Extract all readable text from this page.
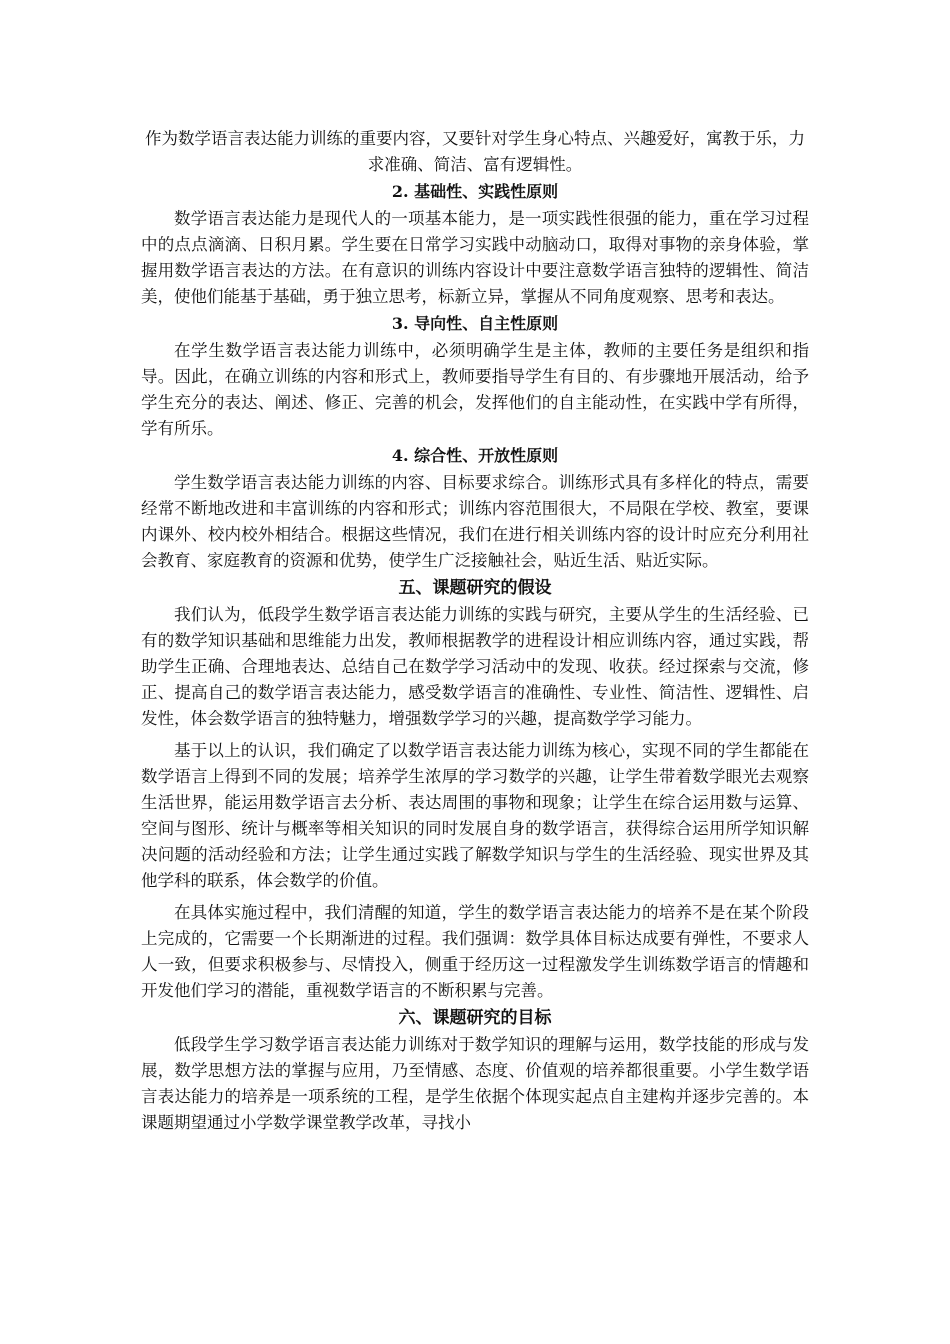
作为数学语言表达能力训练的重要内容，又要针对学生身心特点、兴趣爱好，寓教于乐，力求准确、简洁、富有逻辑性。

2. 基础性、实践性原则

数学语言表达能力是现代人的一项基本能力，是一项实践性很强的能力，重在学习过程中的点点滴滴、日积月累。学生要在日常学习实践中动脑动口，取得对事物的亲身体验，掌握用数学语言表达的方法。在有意识的训练内容设计中要注意数学语言独特的逻辑性、简洁美，使他们能基于基础，勇于独立思考，标新立异，掌握从不同角度观察、思考和表达。

3. 导向性、自主性原则

在学生数学语言表达能力训练中，必须明确学生是主体，教师的主要任务是组织和指导。因此，在确立训练的内容和形式上，教师要指导学生有目的、有步骤地开展活动，给予学生充分的表达、阐述、修正、完善的机会，发挥他们的自主能动性，在实践中学有所得，学有所乐。

4. 综合性、开放性原则

学生数学语言表达能力训练的内容、目标要求综合。训练形式具有多样化的特点，需要经常不断地改进和丰富训练的内容和形式；训练内容范围很大，不局限在学校、教室，要课内课外、校内校外相结合。根据这些情况，我们在进行相关训练内容的设计时应充分利用社会教育、家庭教育的资源和优势，使学生广泛接触社会，贴近生活、贴近实际。

五、课题研究的假设

我们认为，低段学生数学语言表达能力训练的实践与研究，主要从学生的生活经验、已有的数学知识基础和思维能力出发，教师根据教学的进程设计相应训练内容，通过实践，帮助学生正确、合理地表达、总结自己在数学学习活动中的发现、收获。经过探索与交流，修正、提高自己的数学语言表达能力，感受数学语言的准确性、专业性、简洁性、逻辑性、启发性，体会数学语言的独特魅力，增强数学学习的兴趣，提高数学学习能力。

基于以上的认识，我们确定了以数学语言表达能力训练为核心，实现不同的学生都能在数学语言上得到不同的发展；培养学生浓厚的学习数学的兴趣，让学生带着数学眼光去观察生活世界，能运用数学语言去分析、表达周围的事物和现象；让学生在综合运用数与运算、空间与图形、统计与概率等相关知识的同时发展自身的数学语言，获得综合运用所学知识解决问题的活动经验和方法；让学生通过实践了解数学知识与学生的生活经验、现实世界及其他学科的联系，体会数学的价值。

在具体实施过程中，我们清醒的知道，学生的数学语言表达能力的培养不是在某个阶段上完成的，它需要一个长期渐进的过程。我们强调：数学具体目标达成要有弹性，不要求人人一致，但要求积极参与、尽情投入，侧重于经历这一过程激发学生训练数学语言的情趣和开发他们学习的潜能，重视数学语言的不断积累与完善。

六、课题研究的目标

低段学生学习数学语言表达能力训练对于数学知识的理解与运用，数学技能的形成与发展，数学思想方法的掌握与应用，乃至情感、态度、价值观的培养都很重要。小学生数学语言表达能力的培养是一项系统的工程，是学生依据个体现实起点自主建构并逐步完善的。本课题期望通过小学数学课堂教学改革，寻找小
